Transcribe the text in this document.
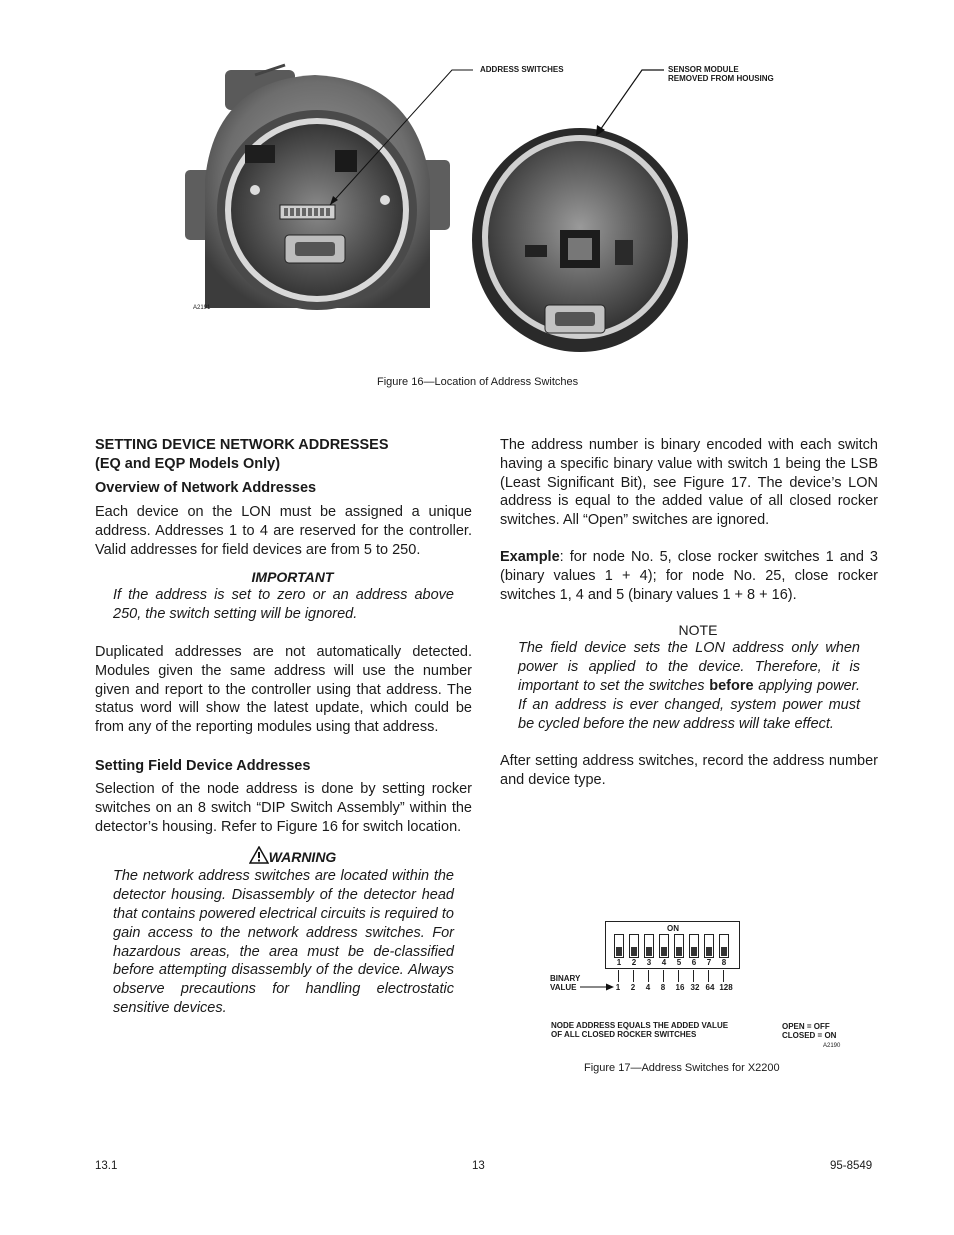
A2191
ADDRESS SWITCHES	SENSOR MODULE
REMOVED FROM HOUSING
Figure 16—Location of Address Switches
SETTING DEVICE NETWORK ADDRESSES
(EQ and EQP Models Only)
Overview of Network Addresses

Each device on the LON must be assigned a unique address. Addresses 1 to 4 are reserved for the controller. Valid addresses for field devices are from 5 to 250.

IMPORTANT

If the address is set to zero or an address above 250, the switch setting will be ignored.

Duplicated addresses are not automatically detected. Modules given the same address will use the number given and report to the controller using that address. The status word will show the latest update, which could be from any of the reporting modules using that address.

Setting Field Device Addresses

Selection of the node address is done by setting rocker switches on an 8 switch “DIP Switch Assembly” within the detector’s housing. Refer to Figure 16 for switch location.

WARNING

The network address switches are located within the detector housing. Disassembly of the detector head that contains powered electrical circuits is required to gain access to the network address switches. For hazardous areas, the area must be de-classified before attempting disassembly of the device. Always observe precautions for handling electrostatic sensitive devices.

The address number is binary encoded with each switch having a specific binary value with switch 1 being the LSB (Least Significant Bit), see Figure 17. The device’s LON address is equal to the added value of all closed rocker switches. All “Open” switches are ignored.

Example: for node No. 5, close rocker switches 1 and 3 (binary values 1 + 4); for node No. 25, close rocker switches 1, 4 and 5 (binary values 1 + 8 + 16).

NOTE

The field device sets the LON address only when power is applied to the device. Therefore, it is important to set the switches before applying power. If an address is ever changed, system power must be cycled before the new address will take effect.

After setting address switches, record the address number and device type.

ON
1	2	3	4	5	6	7	8
1	2	4	8	16 32 64 128
BINARY
VALUE
NODE ADDRESS EQUALS THE ADDED VALUE
OF ALL CLOSED ROCKER SWITCHES
OPEN = OFF
CLOSED = ON
A2190
Figure 17—Address Switches for X2200
13.1	13	95-8549
